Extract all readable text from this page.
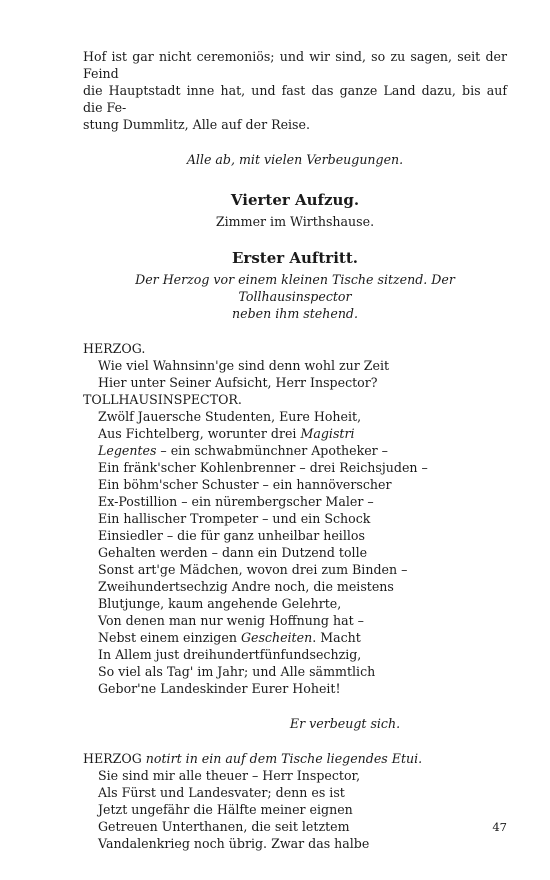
Hof ist gar nicht ceremoniös; und wir sind, so zu sagen, seit der Feind
die Hauptstadt inne hat, und fast das ganze Land dazu, bis auf die Fe-
stung Dummlitz, Alle auf der Reise.

Alle ab, mit vielen Verbeugungen.

Vierter Aufzug.

Zimmer im Wirthshause.

Erster Auftritt.

Der Herzog vor einem kleinen Tische sitzend. Der Tollhausinspector
neben ihm stehend.

HERZOG.

Wie viel Wahnsinn'ge sind denn wohl zur Zeit

Hier unter Seiner Aufsicht, Herr Inspector?

TOLLHAUSINSPECTOR.

Zwölf Jauersche Studenten, Eure Hoheit,

Aus Fichtelberg, worunter drei Magistri

Legentes – ein schwabmünchner Apotheker –

Ein fränk'scher Kohlenbrenner – drei Reichsjuden –

Ein böhm'scher Schuster – ein hannöverscher

Ex-Postillion – ein nürembergscher Maler –

Ein hallischer Trompeter – und ein Schock

Einsiedler – die für ganz unheilbar heillos

Gehalten werden – dann ein Dutzend tolle

Sonst art'ge Mädchen, wovon drei zum Binden –

Zweihundertsechzig Andre noch, die meistens

Blutjunge, kaum angehende Gelehrte,

Von denen man nur wenig Hoffnung hat –

Nebst einem einzigen Gescheiten. Macht

In Allem just dreihundertfünfundsechzig,

So viel als Tag' im Jahr; und Alle sämmtlich

Gebor'ne Landeskinder Eurer Hoheit!

Er verbeugt sich.

HERZOG notirt in ein auf dem Tische liegendes Etui.

Sie sind mir alle theuer – Herr Inspector,

Als Fürst und Landesvater; denn es ist

Jetzt ungefähr die Hälfte meiner eignen

Getreuen Unterthanen, die seit letztem

Vandalenkrieg noch übrig. Zwar das halbe

47
